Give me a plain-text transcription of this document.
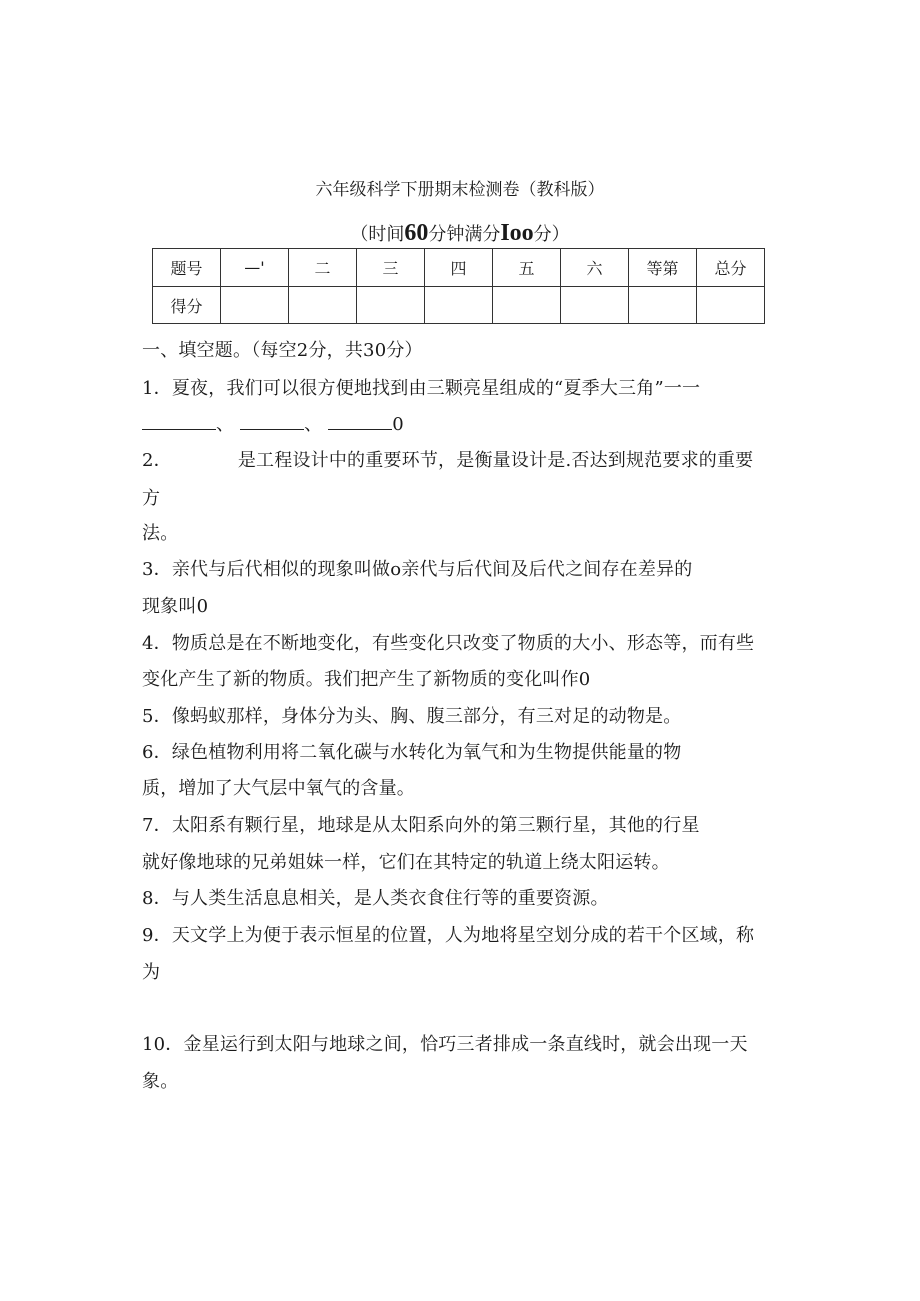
六年级科学下册期末检测卷（教科版）
（时间60分钟满分Ioo分）
题号	—'	二	三	四	五	六	等第	总分
得分								
一、填空题。（每空2分，共30分）
1．夏夜，我们可以很方便地找到由三颗亮星组成的“夏季大三角”一一
、	、	0
2．	是工程设计中的重要环节，是衡量设计是.否达到规范要求的重要
方
法。
3．亲代与后代相似的现象叫做o亲代与后代间及后代之间存在差异的
现象叫0
4．物质总是在不断地变化，有些变化只改变了物质的大小、形态等，而有些
变化产生了新的物质。我们把产生了新物质的变化叫作0
5．像蚂蚁那样，身体分为头、胸、腹三部分，有三对足的动物是。
6．绿色植物利用将二氧化碳与水转化为氧气和为生物提供能量的物
质，增加了大气层中氧气的含量。
7．太阳系有颗行星，地球是从太阳系向外的第三颗行星，其他的行星
就好像地球的兄弟姐妹一样，它们在其特定的轨道上绕太阳运转。
8．与人类生活息息相关，是人类衣食住行等的重要资源。
9．天文学上为便于表示恒星的位置，人为地将星空划分成的若干个区域，称
为
10．金星运行到太阳与地球之间，恰巧三者排成一条直线时，就会出现一天
象。
